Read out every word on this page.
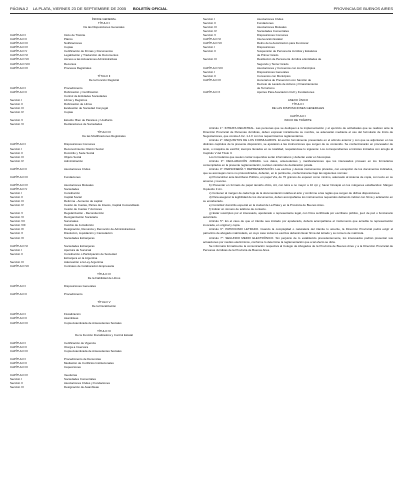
PÁGINA 2 LA PLATA, VIERNES 23 DE SEPTIEMBRE DE 2005 BOLETÍN OFICIAL	PROVINCIA DE BUENOS AIRES
ÍNDICE GENERAL
TÍTULO I
De las Disposiciones Generales
CAPÍTULO I	Inicio de Trámite
CAPÍTULO II	Plazos
CAPÍTULO III	Notificaciones
CAPÍTULO IV	Copias
CAPÍTULO V	Certificación de Firmas y Documentos
CAPÍTULO VI	Legalización y Traducción de Documentos
CAPÍTULO VII	Acceso a las Actuaciones Administrativas
CAPÍTULO VIII	Recursos
CAPÍTULO IX	Procesos Registrales
TÍTULO II
De la Función Registral
CAPÍTULO I	Procedimiento
CAPÍTULO II	Rubricación y Certificación
Control de Entidades Sociedades
Sección I	Libros y Registros
Sección II	Rubricación de Libros
Sección III	Evaluación de Sociedad Conyugal
Sección IV	Copias
Sección V	Estudio: Bien de Paraísos y Usuflucto
Sección VI	Declaraciones de Sociedades
TÍTULO III
De las Modificaciones Registrales
CAPÍTULO I	Disposiciones Comunes
Sección I	Reconocimiento: Razón Social
Sección II	Domicilio y Sede Social
Sección III	Objeto Social
Sección IV	Administración
CAPÍTULO II	Asociaciones Civiles
CAPÍTULO III	Fundaciones
CAPÍTULO IV	Asociaciones Mutuales
CAPÍTULO V	Sociedades
Sección I	Constitución
Sección II	Capital Social
Sección III	Reforma - Aumento de capital
Sección IV	Cesión de Cuotas, Partes de Interés, Capital Comanditado
Cesión de Cuotas Y Acciones
Sección V	Regularización - Reconducción
Sección VI	Reorganización Societaria
Sección VII	Sucursales
Sección VIII	Cambio de Jurisdicción
Sección IX	Designación, Renuncia y Remoción de Administradores
Sección X	Disolución, Liquidación y Cancelación
Sección XI	Sociedades Extranjeras
CAPÍTULO VI	Sociedades Extranjeras
Sección I	Apertura de Sucursal
Sección II	Constitución o Participación de Sociedad
Extranjera en la Argentina
Sección III	Adecuación a la Ley Argentina
CAPÍTULO VII	Contratos de Colaboración Empresaria
TÍTULO IV
De la Fiabilidad de Libros
CAPÍTULO I	Disposiciones Generales
CAPÍTULO II	Procedimiento
TÍTULO V
De la Fiscalización
CAPÍTULO I	Fiscalización
CAPÍTULO II	Asambleas
CAPÍTULO III	Copia Autenticada de Antecedentes Sociales
TÍTULO VI
De la Función Fiscalizadora y Control Estatal
CAPÍTULO I	Certificación de Vigencia
CAPÍTULO II	Otorga a Inversora
CAPÍTULO III	Copia Autenticada de Antecedentes Sociales
CAPÍTULO I	Procedimiento de Denuncias
CAPÍTULO II	Mediación de Conflictos Institucionales
CAPÍTULO III	Inspecciones
CAPÍTULO IV	Veedurías
Sección I	Sociedades Comerciales
Sección II	Asociaciones Civiles y Fundaciones
Sección III	Designación de Asambleas
Sección I	Asociaciones Civiles
Sección II	Fundaciones
Sección III	Asociaciones Mutuales
Sección IV	Sociedades Comerciales
Sección V	Disposiciones Comunes
CAPÍTULO VI	Intervención Estatal
CAPÍTULO VII	Retiro de la Autorización para Funcionar
Sección I	Disposiciones
Sección II	Suspensión de Personería Jurídica y Estatutos
de Primer Grado
Sección III	Restitución de Personería Jurídica a Entidades de
Segundo y Tercer Grado
CAPÍTULO VIII	Asociaciones y Convenios con los Municipios
Sección I	Disposiciones Generales
Sección II	Convenios con Municipios
CAPÍTULO IX	Honorarios de Prevención con Sanción de
Decreto de Lavado de Activos y Financiamiento
de Terrorismo
CAPÍTULO X	Aportes Para Asociación Civil y Fundaciones
ANEXO ÚNICO
TÍTULO I
DE LAS DISPOSICIONES GENERALES
CAPÍTULO I
INICIO DE TRÁMITE
Artículo 1°: INTRATA REGISTRAL. Las personas que se dediquen a la implementación y el ejercicio de actividades que se realicen ante la Dirección Provincial de Personas Jurídicas, deben expresar inicialmente su nombre, se adecuarán mediante el uso del formulario de Inicio de Negociaciones, que consta A Inc. 1-1 F con los requerimientos reglamentarios.
Artículo 2°: REQUISITOS DE LOS FORMULARIOS. El escrito formalmente presentado en el artículo anterior y con que se adjuntaren en los distintos capítulos de la presente disposición, se ajustarán a las instrucciones que surgen de su contenido. Se confeccionarán en procesador de texto, o máquina de escribir, siempre llenados en su totalidad, respetándose lo siguiente: Los correspondientes a trámites iniciados con arreglo al Capítulo V del Título II.
Los formularios que suelen contar requeridos serán informativos y deberán estar en fotocopias.
Artículo 3°: DECLARACIÓN JURADA. Los datos, antecedentes y manifestaciones que los interesados provean en los formularios contemplados en la presente reglamentación, revisten carácter de declaración jurada.
Artículo 4°: PERSONERÍA Y REPRESENTACIÓN. Las escritos y demás instrumentos privados, con excepción de los documentos indicados, que se aconsejan como no protocolizados, deberán, en lo pertinente, confeccionarse bajo las siguientes normas:
a) Protocolizar ante Escribano Público, en papel Vía, de 70 gramos de espesor como mínimo, adecuado al sistema de copia, con texto en su anverso y reverso.
b) Presentar en formato de papel tamaño oficio, A4, con letra a no mayor a 10 cpi y, hacer hincapié en los márgenes establecidos: Margen Izquierdo 3 cm.
c) Contener al margen de cada hoja de la documentación relativa al acto y conforme a las reglas que surgen de dichas disposiciones.
d) Para asegurar la legibilidad de los documentos, deben acompañarse los instrumentos requeridos debiendo indicar con firma y aclaración en su encabezado.
e) Constituir domicilio especial en la ciudad de La Plata y en la Provincia de Buenos Aires.
f) Indicar un número de teléfono de contacto.
g) Estar suscriptos por el interesado, apoderado o representante legal, con firma certificada por escribano público, juez de paz o funcionario autorizado.
Artículo 5°: En el caso de que el trámite sea iniciado por apoderado, deberá acompañarse el instrumento que acredite la representación invocada, en original y copia.
Artículo 6°: PATROCINIO LETRADO. Cuando la complejidad o naturaleza del trámite lo amerite, la Dirección Provincial podrá exigir el patrocinio de abogado matriculado, en cuyo caso todos los escritos deberán llevar firma del letrado y su número de matrícula.
Artículo 7°: SEGUNDO MEDIO ELECTRÓNICO. Sin perjuicio de lo establecido precedentemente, los interesados podrán presentar sus actuaciones por medios electrónicos, conforme lo determine la reglamentación que a tal efecto se dicte.
Se informará formalmente la comunicación respectiva al Colegio de Abogados de la Provincia de Buenos Aires y a la Dirección Provincial de Personas Jurídicas de la Provincia de Buenos Aires.
